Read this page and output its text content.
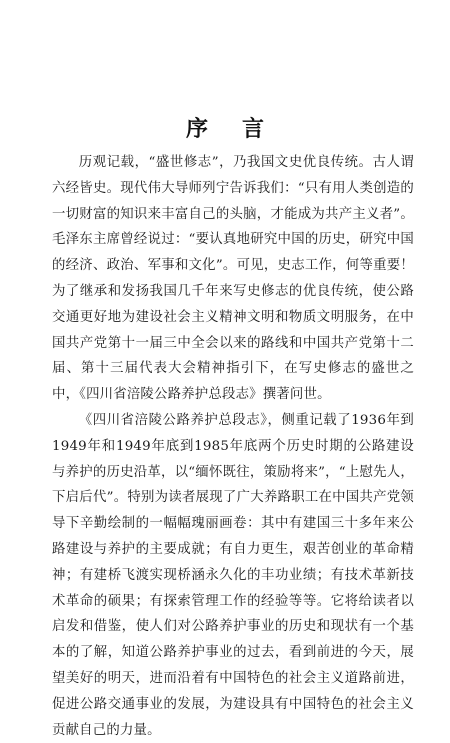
序言

历观记载，“盛世修志”，乃我国文史优良传统。古人谓六经皆史。现代伟大导师列宁告诉我们：“只有用人类创造的一切财富的知识来丰富自己的头脑，才能成为共产主义者”。毛泽东主席曾经说过：“要认真地研究中国的历史，研究中国的经济、政治、军事和文化”。可见，史志工作，何等重要！为了继承和发扬我国几千年来写史修志的优良传统，使公路交通更好地为建设社会主义精神文明和物质文明服务，在中国共产党第十一届三中全会以来的路线和中国共产党第十二届、第十三届代表大会精神指引下，在写史修志的盛世之中，《四川省涪陵公路养护总段志》撰著问世。

《四川省涪陵公路养护总段志》，侧重记载了1936年到1949年和1949年底到1985年底两个历史时期的公路建设与养护的历史沿革，以“缅怀既往，策励将来”，“上慰先人，下启后代”。特别为读者展现了广大养路职工在中国共产党领导下辛勤绘制的一幅幅瑰丽画卷：其中有建国三十多年来公路建设与养护的主要成就；有自力更生，艰苦创业的革命精神；有建桥飞渡实现桥涵永久化的丰功业绩；有技术革新技术革命的硕果；有探索管理工作的经验等等。它将给读者以启发和借鉴，使人们对公路养护事业的历史和现状有一个基本的了解，知道公路养护事业的过去，看到前进的今天，展望美好的明天，进而沿着有中国特色的社会主义道路前进，促进公路交通事业的发展，为建设具有中国特色的社会主义贡献自己的力量。
